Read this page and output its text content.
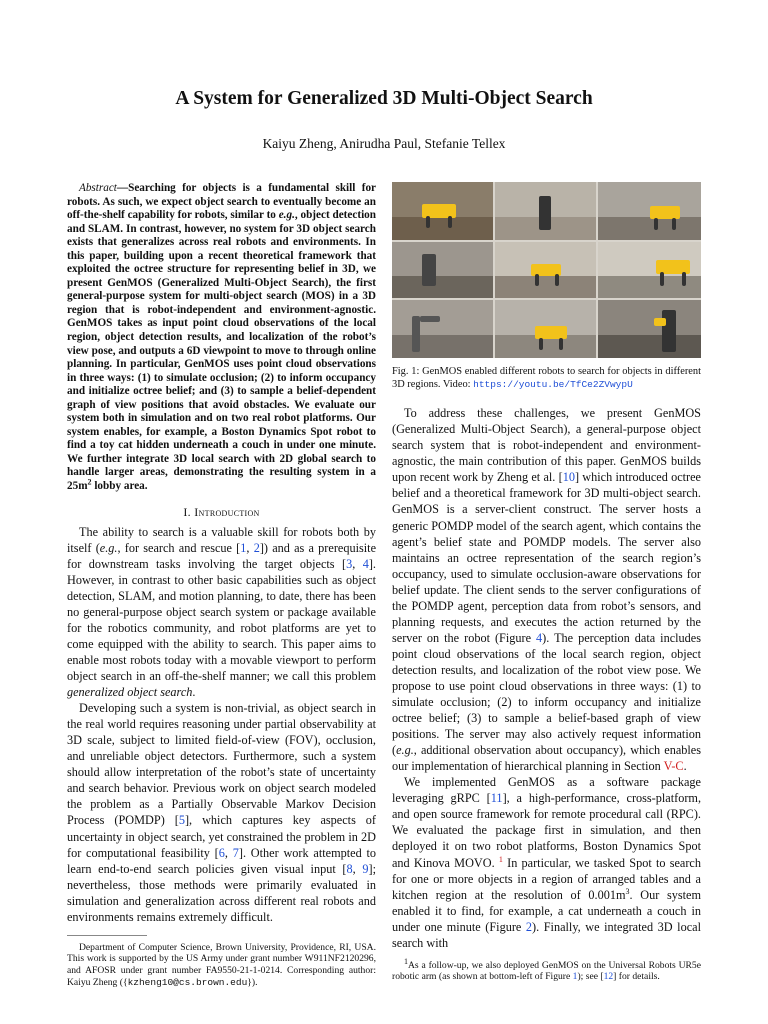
A System for Generalized 3D Multi-Object Search
Kaiyu Zheng, Anirudha Paul, Stefanie Tellex

Abstract—Searching for objects is a fundamental skill for robots. As such, we expect object search to eventually become an off-the-shelf capability for robots, similar to e.g., object detection and SLAM. In contrast, however, no system for 3D object search exists that generalizes across real robots and environments. In this paper, building upon a recent theoretical framework that exploited the octree structure for representing belief in 3D, we present GenMOS (Generalized Multi-Object Search), the first general-purpose system for multi-object search (MOS) in a 3D region that is robot-independent and environment-agnostic. GenMOS takes as input point cloud observations of the local region, object detection results, and localization of the robot’s view pose, and outputs a 6D viewpoint to move to through online planning. In particular, GenMOS uses point cloud observations in three ways: (1) to simulate occlusion; (2) to inform occupancy and initialize octree belief; and (3) to sample a belief-dependent graph of view positions that avoid obstacles. We evaluate our system both in simulation and on two real robot platforms. Our system enables, for example, a Boston Dynamics Spot robot to find a toy cat hidden underneath a couch in under one minute. We further integrate 3D local search with 2D global search to handle larger areas, demonstrating the resulting system in a $25m^2$ lobby area.

I. Introduction

The ability to search is a valuable skill for robots both by itself (e.g., for search and rescue [1, 2]) and as a prerequisite for downstream tasks involving the target objects [3, 4]. However, in contrast to other basic capabilities such as object detection, SLAM, and motion planning, to date, there has been no general-purpose object search system or package available for the robotics community, and robot platforms are yet to come equipped with the ability to search. This paper aims to enable most robots today with a movable viewport to perform object search in an off-the-shelf manner; we call this problem generalized object search.

Developing such a system is non-trivial, as object search in the real world requires reasoning under partial observability at 3D scale, subject to limited field-of-view (FOV), occlusion, and unreliable object detectors. Furthermore, such a system should allow interpretation of the robot’s state of uncertainty and search behavior. Previous work on object search modeled the problem as a Partially Observable Markov Decision Process (POMDP) [5], which captures key aspects of uncertainty in object search, yet constrained the problem in 2D for computational feasibility [6, 7]. Other work attempted to learn end-to-end search policies given visual input [8, 9]; nevertheless, those methods were primarily evaluated in simulation and generalization across different real robots and environments remains extremely difficult.

Department of Computer Science, Brown University, Providence, RI, USA. This work is supported by the US Army under grant number W911NF2120296, and AFOSR under grant number FA9550-21-1-0214. Corresponding author: Kaiyu Zheng ({kzheng10@cs.brown.edu}).

Fig. 1: GenMOS enabled different robots to search for objects in different 3D regions. Video: https://youtu.be/TfCe2ZVwypU

To address these challenges, we present GenMOS (Generalized Multi-Object Search), a general-purpose object search system that is robot-independent and environment-agnostic, the main contribution of this paper. GenMOS builds upon recent work by Zheng et al. [10] which introduced octree belief and a theoretical framework for 3D multi-object search. GenMOS is a server-client construct. The server hosts a generic POMDP model of the search agent, which contains the agent’s belief state and POMDP models. The server also maintains an octree representation of the search region’s occupancy, used to simulate occlusion-aware observations for belief update. The client sends to the server configurations of the POMDP agent, perception data from robot’s sensors, and planning requests, and executes the action returned by the server on the robot (Figure 4). The perception data includes point cloud observations of the local search region, object detection results, and localization of the robot view pose. We propose to use point cloud observations in three ways: (1) to simulate occlusion; (2) to inform occupancy and initialize octree belief; (3) to sample a belief-based graph of view positions. The server may also actively request information (e.g., additional observation about occupancy), which enables our implementation of hierarchical planning in Section V-C.

We implemented GenMOS as a software package leveraging gRPC [11], a high-performance, cross-platform, and open source framework for remote procedural call (RPC). We evaluated the package first in simulation, and then deployed it on two robot platforms, Boston Dynamics Spot and Kinova MOVO. $^1$ In particular, we tasked Spot to search for one or more objects in a region of arranged tables and a kitchen region at the resolution of $0.001m^3$. Our system enabled it to find, for example, a cat underneath a couch in under one minute (Figure 2). Finally, we integrated 3D local search with

$^1$As a follow-up, we also deployed GenMOS on the Universal Robots UR5e robotic arm (as shown at bottom-left of Figure 1); see [12] for details.
